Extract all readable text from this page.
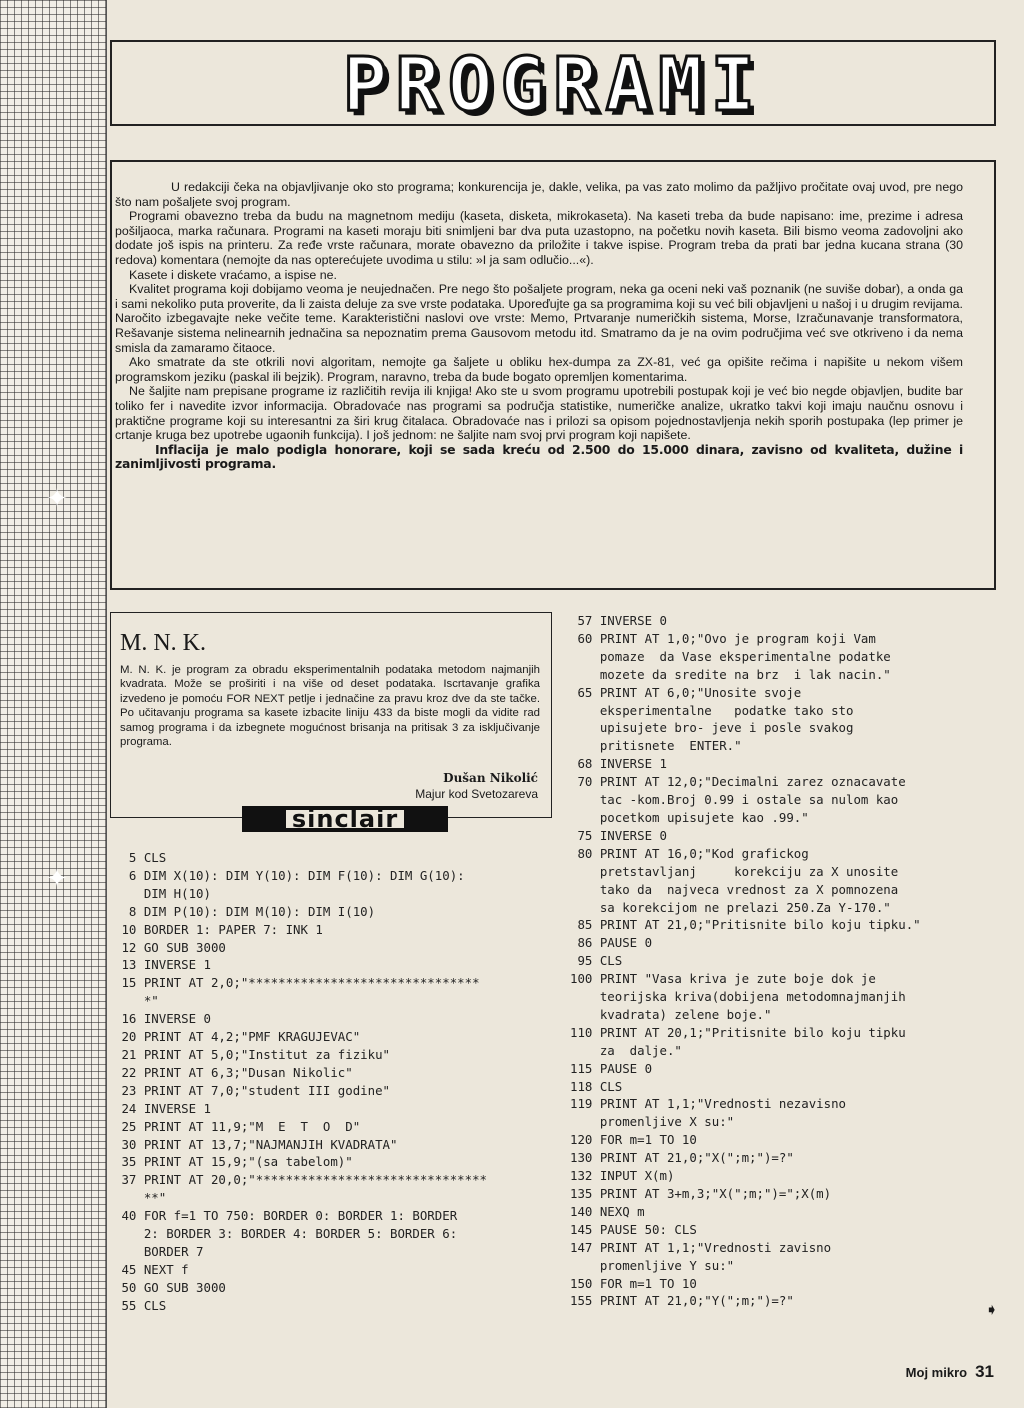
✦
✦
PROGRAMI

U redakciji čeka na objavljivanje oko sto programa; konkurencija je, dakle, velika, pa vas zato molimo da pažljivo pročitate ovaj uvod, pre nego što nam pošaljete svoj program.

Programi obavezno treba da budu na magnetnom mediju (kaseta, disketa, mikrokaseta). Na kaseti treba da bude napisano: ime, prezime i adresa pošiljaoca, marka računara. Programi na kaseti moraju biti snimljeni bar dva puta uzastopno, na početku novih kaseta. Bili bismo veoma zadovoljni ako dodate još ispis na printeru. Za ređe vrste računara, morate obavezno da priložite i takve ispise. Program treba da prati bar jedna kucana strana (30 redova) komentara (nemojte da nas opterećujete uvodima u stilu: »I ja sam odlučio...«).

Kasete i diskete vraćamo, a ispise ne.

Kvalitet programa koji dobijamo veoma je neujednačen. Pre nego što pošaljete program, neka ga oceni neki vaš poznanik (ne suviše dobar), a onda ga i sami nekoliko puta proverite, da li zaista deluje za sve vrste podataka. Uporeďujte ga sa programima koji su već bili objavljeni u našoj i u drugim revijama. Naročito izbegavajte neke večite teme. Karakteristični naslovi ove vrste: Memo, Prtvaranje numeričkih sistema, Morse, Izračunavanje transformatora, Rešavanje sistema nelinearnih jednačina sa nepoznatim prema Gausovom metodu itd. Smatramo da je na ovim područjima već sve otkriveno i da nema smisla da zamaramo čitaoce.

Ako smatrate da ste otkrili novi algoritam, nemojte ga šaljete u obliku hex-dumpa za ZX-81, već ga opišite rečima i napišite u nekom višem programskom jeziku (paskal ili bejzik). Program, naravno, treba da bude bogato opremljen komentarima.

Ne šaljite nam prepisane programe iz različitih revija ili knjiga! Ako ste u svom programu upotrebili postupak koji je već bio negde objavljen, budite bar toliko fer i navedite izvor informacija. Obradovaće nas programi sa područja statistike, numeričke analize, ukratko takvi koji imaju naučnu osnovu i praktične programe koji su interesantni za širi krug čitalaca. Obradovaće nas i prilozi sa opisom pojednostavljenja nekih sporih postupaka (lep primer je crtanje kruga bez upotrebe ugaonih funkcija). I još jednom: ne šaljite nam svoj prvi program koji napišete.

Inflacija je malo podigla honorare, koji se sada kreću od 2.500 do 15.000 dinara, zavisno od kvaliteta, dužine i zanimljivosti programa.

M. N. K.

M. N. K. je program za obradu eksperimentalnih podataka metodom najmanjih kvadrata. Može se proširiti i na više od deset podataka. Iscrtavanje grafika izvedeno je pomoću FOR NEXT petlje i jednačine za pravu kroz dve da ste tačke. Po učitavanju programa sa kasete izbacite liniju 433 da biste mogli da vidite rad samog programa i da izbegnete mogućnost brisanja na pritisak 3 za isključivanje programa.

Dušan Nikolić
Majur kod Svetozareva
sinclair
5 CLS
6 DIM X(10): DIM Y(10): DIM F(10): DIM G(10):
DIM H(10)
8 DIM P(10): DIM M(10): DIM I(10)
10 BORDER 1: PAPER 7: INK 1
12 GO SUB 3000
13 INVERSE 1
15 PRINT AT 2,0;"*******************************
*"
16 INVERSE 0
20 PRINT AT 4,2;"PMF KRAGUJEVAC"
21 PRINT AT 5,0;"Institut za fiziku"
22 PRINT AT 6,3;"Dusan Nikolic"
23 PRINT AT 7,0;"student III godine"
24 INVERSE 1
25 PRINT AT 11,9;"M  E  T  O  D"
30 PRINT AT 13,7;"NAJMANJIH KVADRATA"
35 PRINT AT 15,9;"(sa tabelom)"
37 PRINT AT 20,0;"*******************************
**"
40 FOR f=1 TO 750: BORDER 0: BORDER 1: BORDER
2: BORDER 3: BORDER 4: BORDER 5: BORDER 6:
BORDER 7
45 NEXT f
50 GO SUB 3000
55 CLS
57 INVERSE 0
60 PRINT AT 1,0;"Ovo je program koji Vam
pomaze  da Vase eksperimentalne podatke
mozete da sredite na brz  i lak nacin."
65 PRINT AT 6,0;"Unosite svoje
eksperimentalne   podatke tako sto
upisujete bro- jeve i posle svakog
pritisnete  ENTER."
68 INVERSE 1
70 PRINT AT 12,0;"Decimalni zarez oznacavate
tac -kom.Broj 0.99 i ostale sa nulom kao
pocetkom upisujete kao .99."
75 INVERSE 0
80 PRINT AT 16,0;"Kod grafickog
pretstavljanj     korekciju za X unosite
tako da  najveca vrednost za X pomnozena
sa korekcijom ne prelazi 250.Za Y-170."
85 PRINT AT 21,0;"Pritisnite bilo koju tipku."
86 PAUSE 0
95 CLS
100 PRINT "Vasa kriva je zute boje dok je
teorijska kriva(dobijena metodomnajmanjih
kvadrata) zelene boje."
110 PRINT AT 20,1;"Pritisnite bilo koju tipku
za  dalje."
115 PAUSE 0
118 CLS
119 PRINT AT 1,1;"Vrednosti nezavisno
promenljive X su:"
120 FOR m=1 TO 10
130 PRINT AT 21,0;"X(";m;")=?"
132 INPUT X(m)
135 PRINT AT 3+m,3;"X(";m;")=";X(m)
140 NEXQ m
145 PAUSE 50: CLS
147 PRINT AT 1,1;"Vrednosti zavisno
promenljive Y su:"
150 FOR m=1 TO 10
155 PRINT AT 21,0;"Y(";m;")=?"	➧
Moj mikro 31
